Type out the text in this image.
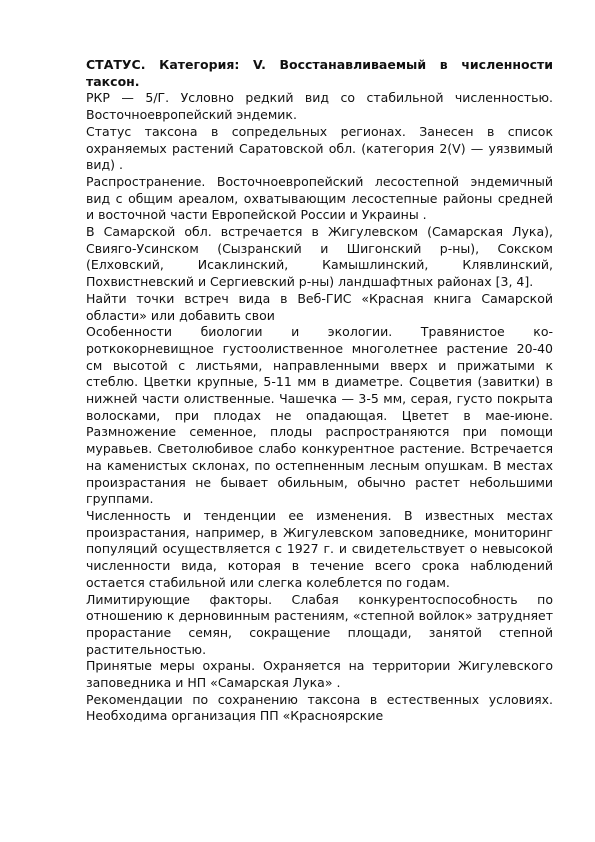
СТАТУС. Категория: V. Восстанавливаемый в численности таксон.

РКР — 5/Г. Условно редкий вид со стабильной численностью. Восточноевропейский эндемик.

Статус таксона в сопредельных регионах. Занесен в список охраняемых растений Саратовской обл. (категория 2(V) — уязвимый вид) .

Распространение. Восточноевропейский лесостепной эндемичный вид с общим ареалом, охватывающим лесостепные районы средней и восточной части Европейской России и Украины .

В Самарской обл. встречается в Жигулевском (Самарская Лука), Свияго-Усинском (Сызранский и Шигонский р-ны), Сокском (Елховский, Исаклинский, Камышлинский, Клявлинский, Похвистневский и Сергиевский р-ны) ландшафтных районах [3, 4].

Найти точки встреч вида в Веб-ГИС «Красная книга Самарской области» или добавить свои

Особенности биологии и экологии. Травянистое ко-роткокорневищное густоолиственное многолетнее растение 20-40 см высотой с листьями, направленными вверх и прижатыми к стеблю. Цветки крупные, 5-11 мм в диаметре. Соцветия (завитки) в нижней части олиственные. Чашечка — 3-5 мм, серая, густо покрыта волосками, при плодах не опадающая. Цветет в мае-июне. Размножение семенное, плоды распространяются при помощи муравьев. Светолюбивое слабо конкурентное растение. Встречается на каменистых склонах, по остепненным лесным опушкам. В местах произрастания не бывает обильным, обычно растет небольшими группами.

Численность и тенденции ее изменения. В известных местах произрастания, например, в Жигулевском заповеднике, мониторинг популяций осуществляется с 1927 г. и свидетельствует о невысокой численности вида, которая в течение всего срока наблюдений остается стабильной или слегка колеблется по годам.

Лимитирующие факторы. Слабая конкурентоспособность по отношению к дерновинным растениям, «степной войлок» затрудняет прорастание семян, сокращение площади, занятой степной растительностью.

Принятые меры охраны. Охраняется на территории Жигулевского заповедника и НП «Самарская Лука» .

Рекомендации по сохранению таксона в естественных условиях. Необходима организация ПП «Красноярские
